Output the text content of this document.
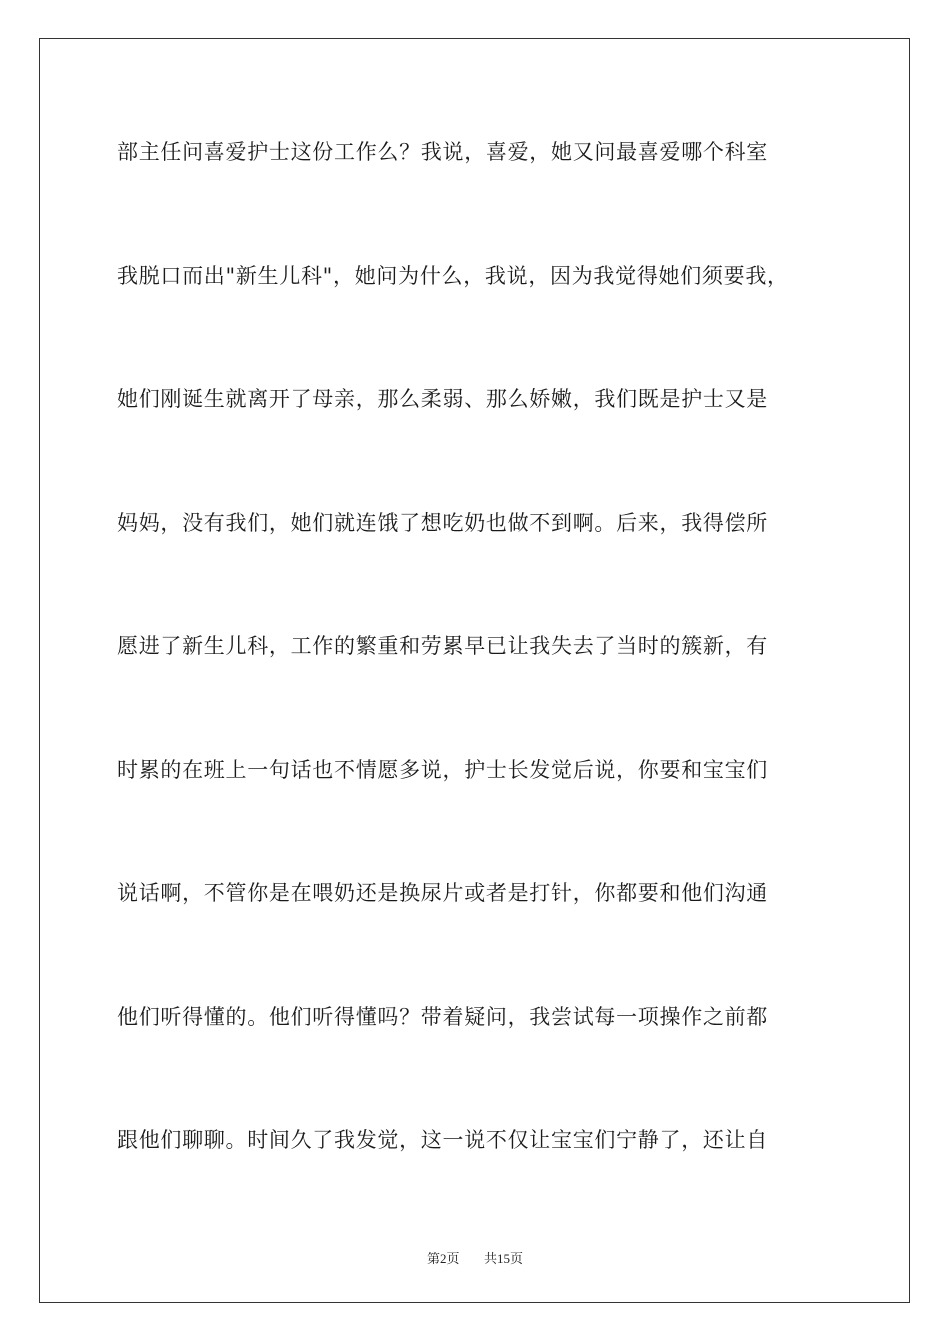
部主任问喜爱护士这份工作么？我说，喜爱，她又问最喜爱哪个科室
我脱口而出"新生儿科"，她问为什么，我说，因为我觉得她们须要我，
她们刚诞生就离开了母亲，那么柔弱、那么娇嫩，我们既是护士又是
妈妈，没有我们，她们就连饿了想吃奶也做不到啊。后来，我得偿所
愿进了新生儿科，工作的繁重和劳累早已让我失去了当时的簇新，有
时累的在班上一句话也不情愿多说，护士长发觉后说，你要和宝宝们
说话啊，不管你是在喂奶还是换尿片或者是打针，你都要和他们沟通
他们听得懂的。他们听得懂吗？带着疑问，我尝试每一项操作之前都
跟他们聊聊。时间久了我发觉，这一说不仅让宝宝们宁静了，还让自
第2页 共15页
